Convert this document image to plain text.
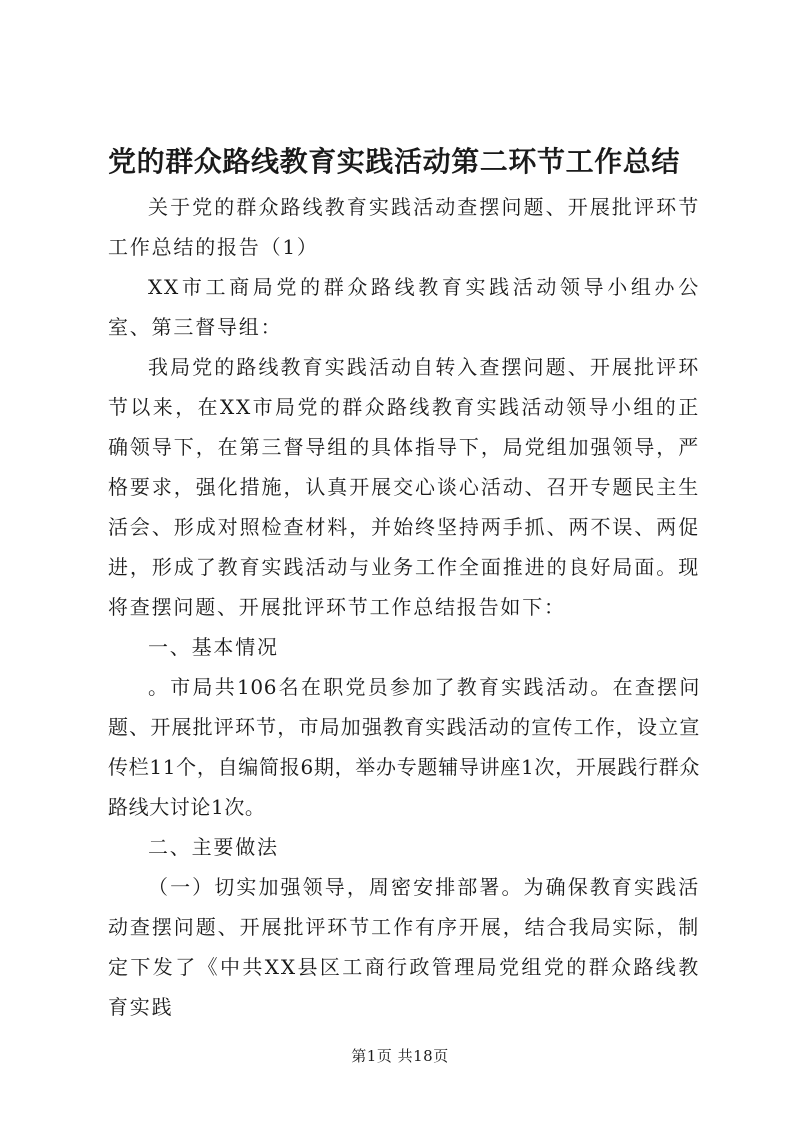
党的群众路线教育实践活动第二环节工作总结

关于党的群众路线教育实践活动查摆问题、开展批评环节工作总结的报告（1）

XX市工商局党的群众路线教育实践活动领导小组办公室、第三督导组：

我局党的路线教育实践活动自转入查摆问题、开展批评环节以来，在XX市局党的群众路线教育实践活动领导小组的正确领导下，在第三督导组的具体指导下，局党组加强领导，严格要求，强化措施，认真开展交心谈心活动、召开专题民主生活会、形成对照检查材料，并始终坚持两手抓、两不误、两促进，形成了教育实践活动与业务工作全面推进的良好局面。现将查摆问题、开展批评环节工作总结报告如下：

一、基本情况

。市局共106名在职党员参加了教育实践活动。在查摆问题、开展批评环节，市局加强教育实践活动的宣传工作，设立宣传栏11个，自编简报6期，举办专题辅导讲座1次，开展践行群众路线大讨论1次。

二、主要做法

（一）切实加强领导，周密安排部署。为确保教育实践活动查摆问题、开展批评环节工作有序开展，结合我局实际，制定下发了《中共XX县区工商行政管理局党组党的群众路线教育实践

第1页 共18页
